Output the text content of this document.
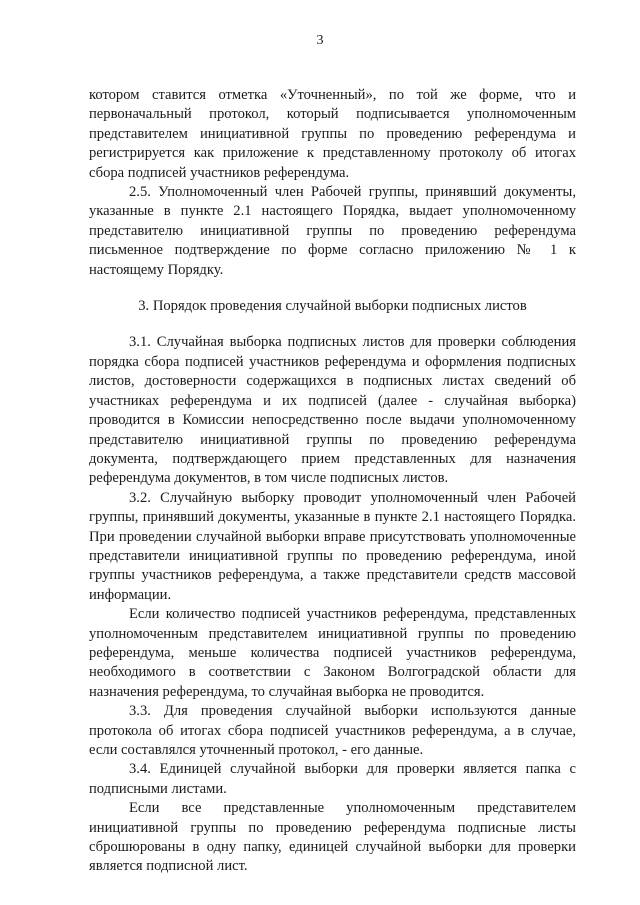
3

котором ставится отметка «Уточненный», по той же форме, что и первоначальный протокол, который подписывается уполномоченным представителем инициативной группы по проведению референдума и регистрируется как приложение к представленному протоколу об итогах сбора подписей участников референдума.

2.5. Уполномоченный член Рабочей группы, принявший документы, указанные в пункте 2.1 настоящего Порядка, выдает уполномоченному представителю инициативной группы по проведению референдума письменное подтверждение по форме согласно приложению № 1 к настоящему Порядку.

3. Порядок проведения случайной выборки подписных листов

3.1. Случайная выборка подписных листов для проверки соблюдения порядка сбора подписей участников референдума и оформления подписных листов, достоверности содержащихся в подписных листах сведений об участниках референдума и их подписей (далее - случайная выборка) проводится в Комиссии непосредственно после выдачи уполномоченному представителю инициативной группы по проведению референдума документа, подтверждающего прием представленных для назначения референдума документов, в том числе подписных листов.

3.2. Случайную выборку проводит уполномоченный член Рабочей группы, принявший документы, указанные в пункте 2.1 настоящего Порядка. При проведении случайной выборки вправе присутствовать уполномоченные представители инициативной группы по проведению референдума, иной группы участников референдума, а также представители средств массовой информации.

Если количество подписей участников референдума, представленных уполномоченным представителем инициативной группы по проведению референдума, меньше количества подписей участников референдума, необходимого в соответствии с Законом Волгоградской области для назначения референдума, то случайная выборка не проводится.

3.3. Для проведения случайной выборки используются данные протокола об итогах сбора подписей участников референдума, а в случае, если составлялся уточненный протокол, - его данные.

3.4. Единицей случайной выборки для проверки является папка с подписными листами.

Если все представленные уполномоченным представителем инициативной группы по проведению референдума подписные листы сброшюрованы в одну папку, единицей случайной выборки для проверки является подписной лист.
